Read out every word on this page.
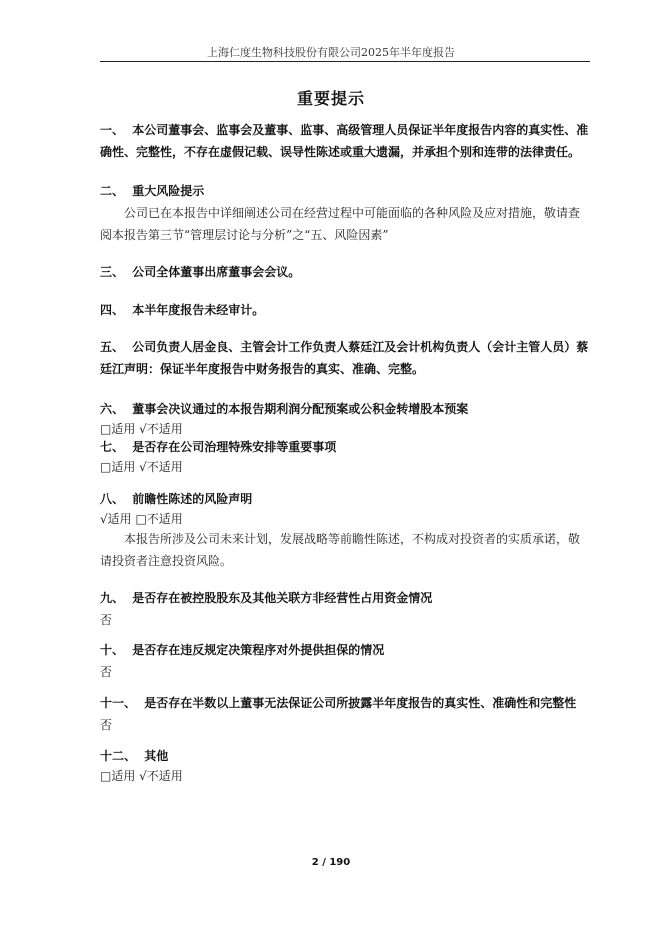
上海仁度生物科技股份有限公司2025年半年度报告
重要提示
一、 本公司董事会、监事会及董事、监事、高级管理人员保证半年度报告内容的真实性、准确性、完整性，不存在虚假记载、误导性陈述或重大遗漏，并承担个别和连带的法律责任。
二、 重大风险提示
公司已在本报告中详细阐述公司在经营过程中可能面临的各种风险及应对措施，敬请查阅本报告第三节“管理层讨论与分析”之“五、风险因素”
三、 公司全体董事出席董事会会议。
四、 本半年度报告未经审计。
五、 公司负责人居金良、主管会计工作负责人蔡廷江及会计机构负责人（会计主管人员）蔡廷江声明：保证半年度报告中财务报告的真实、准确、完整。
六、 董事会决议通过的本报告期利润分配预案或公积金转增股本预案
□适用 √不适用
七、 是否存在公司治理特殊安排等重要事项
□适用 √不适用
八、 前瞻性陈述的风险声明
√适用 □不适用
本报告所涉及公司未来计划，发展战略等前瞻性陈述，不构成对投资者的实质承诺，敬请投资者注意投资风险。
九、 是否存在被控股股东及其他关联方非经营性占用资金情况
否
十、 是否存在违反规定决策程序对外提供担保的情况
否
十一、 是否存在半数以上董事无法保证公司所披露半年度报告的真实性、准确性和完整性
否
十二、 其他
□适用 √不适用
2 / 190
